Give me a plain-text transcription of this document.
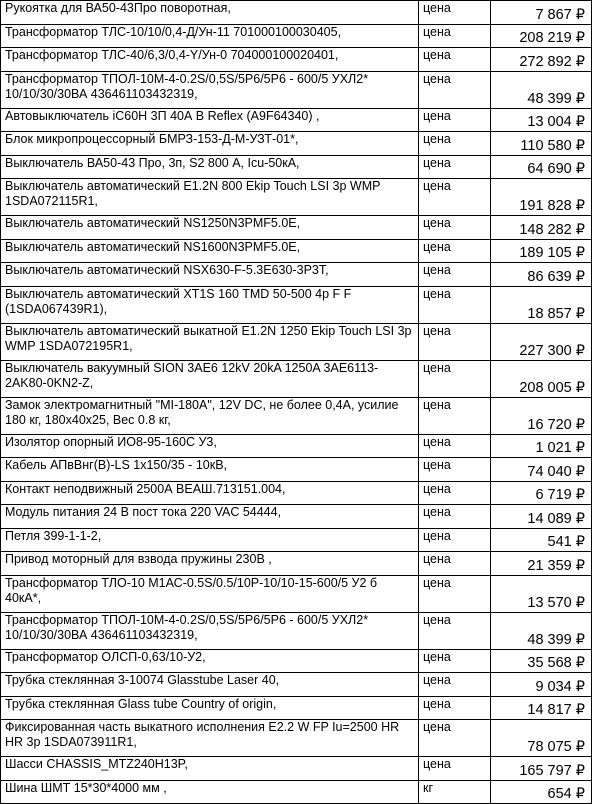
Рукоятка для ВА50-43Про поворотная,	цена	7 867 ₽
Трансформатор ТЛС-10/10/0,4-Д/Ун-11 701000100030405,	цена	208 219 ₽
Трансформатор ТЛС-40/6,3/0,4-Y/Ун-0 704000100020401,	цена	272 892 ₽
Трансформатор ТПОЛ-10М-4-0.2S/0,5S/5Р6/5Р6 - 600/5 УХЛ2* 10/10/30/30ВА 436461103432319,	цена	48 399 ₽
Автовыключатель iC60H 3П 40А B Reflex (A9F64340) ,	цена	13 004 ₽
Блок микропроцессорный БМРЗ-153-Д-М-УЗТ-01*,	цена	110 580 ₽
Выключатель ВА50-43 Про, 3п, S2 800 А, Icu-50кА,	цена	64 690 ₽
Выключатель автоматический E1.2N 800 Ekip Touch LSI 3p WMP 1SDA072115R1,	цена	191 828 ₽
Выключатель автоматический NS1250N3PMF5.0E,	цена	148 282 ₽
Выключатель автоматический NS1600N3PMF5.0E,	цена	189 105 ₽
Выключатель автоматический NSX630-F-5.3E630-3P3T,	цена	86 639 ₽
Выключатель автоматический XT1S 160 TMD 50-500 4p F F (1SDA067439R1),	цена	18 857 ₽
Выключатель автоматический выкатной E1.2N 1250 Ekip Touch LSI 3p WMP 1SDA072195R1,	цена	227 300 ₽
Выключатель вакуумный SION 3AE6 12kV 20kA 1250A 3AE6113-2AK80-0KN2-Z,	цена	208 005 ₽
Замок электромагнитный "МI-180А", 12V DC, не более 0,4А, усилие 180 кг, 180х40х25, Вес 0.8 кг,	цена	16 720 ₽
Изолятор опорный ИО8-95-160С У3,	цена	1 021 ₽
Кабель АПвВнг(В)-LS 1х150/35 - 10кВ,	цена	74 040 ₽
Контакт неподвижный 2500А ВЕАШ.713151.004,	цена	6 719 ₽
Модуль питания 24 В пост тока 220 VAC 54444,	цена	14 089 ₽
Петля 399-1-1-2,	цена	541 ₽
Привод моторный для взвода пружины 230В ,	цена	21 359 ₽
Трансформатор ТЛО-10 М1АС-0.5S/0.5/10Р-10/10-15-600/5 У2 б 40кА*,	цена	13 570 ₽
Трансформатор ТПОЛ-10М-4-0.2S/0,5S/5Р6/5Р6 - 600/5 УХЛ2* 10/10/30/30ВА 436461103432319,	цена	48 399 ₽
Трансформатор ОЛСП-0,63/10-У2,	цена	35 568 ₽
Трубка стеклянная 3-10074 Glasstube Laser 40,	цена	9 034 ₽
Трубка стеклянная Glass tube Country of origin,	цена	14 817 ₽
Фиксированная часть выкатного исполнения E2.2 W FP Iu=2500 HR HR 3p 1SDA073911R1,	цена	78 075 ₽
Шасси CHASSIS_MTZ240H13P,	цена	165 797 ₽
Шина ШМТ 15*30*4000 мм ,	кг	654 ₽
